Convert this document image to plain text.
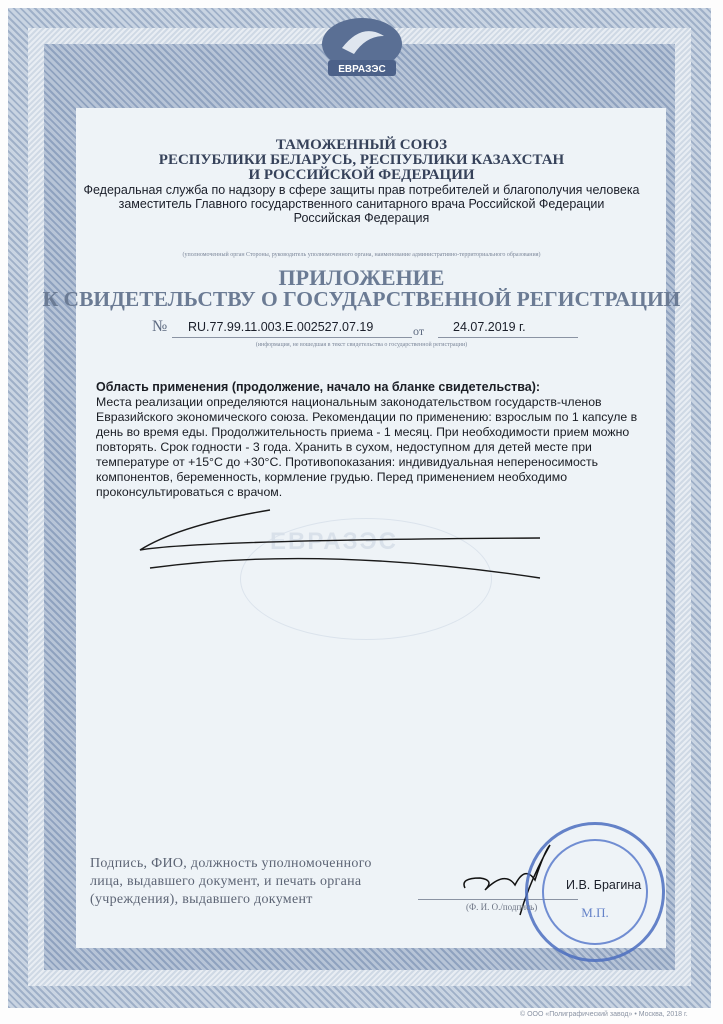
ЕВРАЗЭС
ТАМОЖЕННЫЙ СОЮЗ
РЕСПУБЛИКИ БЕЛАРУСЬ, РЕСПУБЛИКИ КАЗАХСТАН
И РОССИЙСКОЙ ФЕДЕРАЦИИ
Федеральная служба по надзору в сфере защиты прав потребителей и благополучия человека
заместитель Главного государственного санитарного врача Российской Федерации
Российская Федерация
(уполномоченный орган Стороны, руководитель уполномоченного органа, наименование административно-территориального образования)
ПРИЛОЖЕНИЕ
К СВИДЕТЕЛЬСТВУ О ГОСУДАРСТВЕННОЙ РЕГИСТРАЦИИ
№ RU.77.99.11.003.E.002527.07.19	от 24.07.2019 г.
(информация, не вошедшая в текст свидетельства о государственной регистрации)
Область применения (продолжение, начало на бланке свидетельства):
Места реализации определяются национальным законодательством государств-членов Евразийского экономического союза. Рекомендации по применению: взрослым по 1 капсуле в день во время еды. Продолжительность приема - 1 месяц. При необходимости прием можно повторять. Срок годности - 3 года. Хранить в сухом, недоступном для детей месте при температуре от +15°C до +30°C. Противопоказания: индивидуальная непереносимость компонентов, беременность, кормление грудью. Перед применением необходимо проконсультироваться с врачом.
ЕВРАЗЭС
Подпись, ФИО, должность уполномоченного
лица, выдавшего документ, и печать органа
(учреждения), выдавшего документ
М.П.
И.В. Брагина
(Ф. И. О./подпись)
© ООО «Полиграфический завод» • Москва, 2018 г.
